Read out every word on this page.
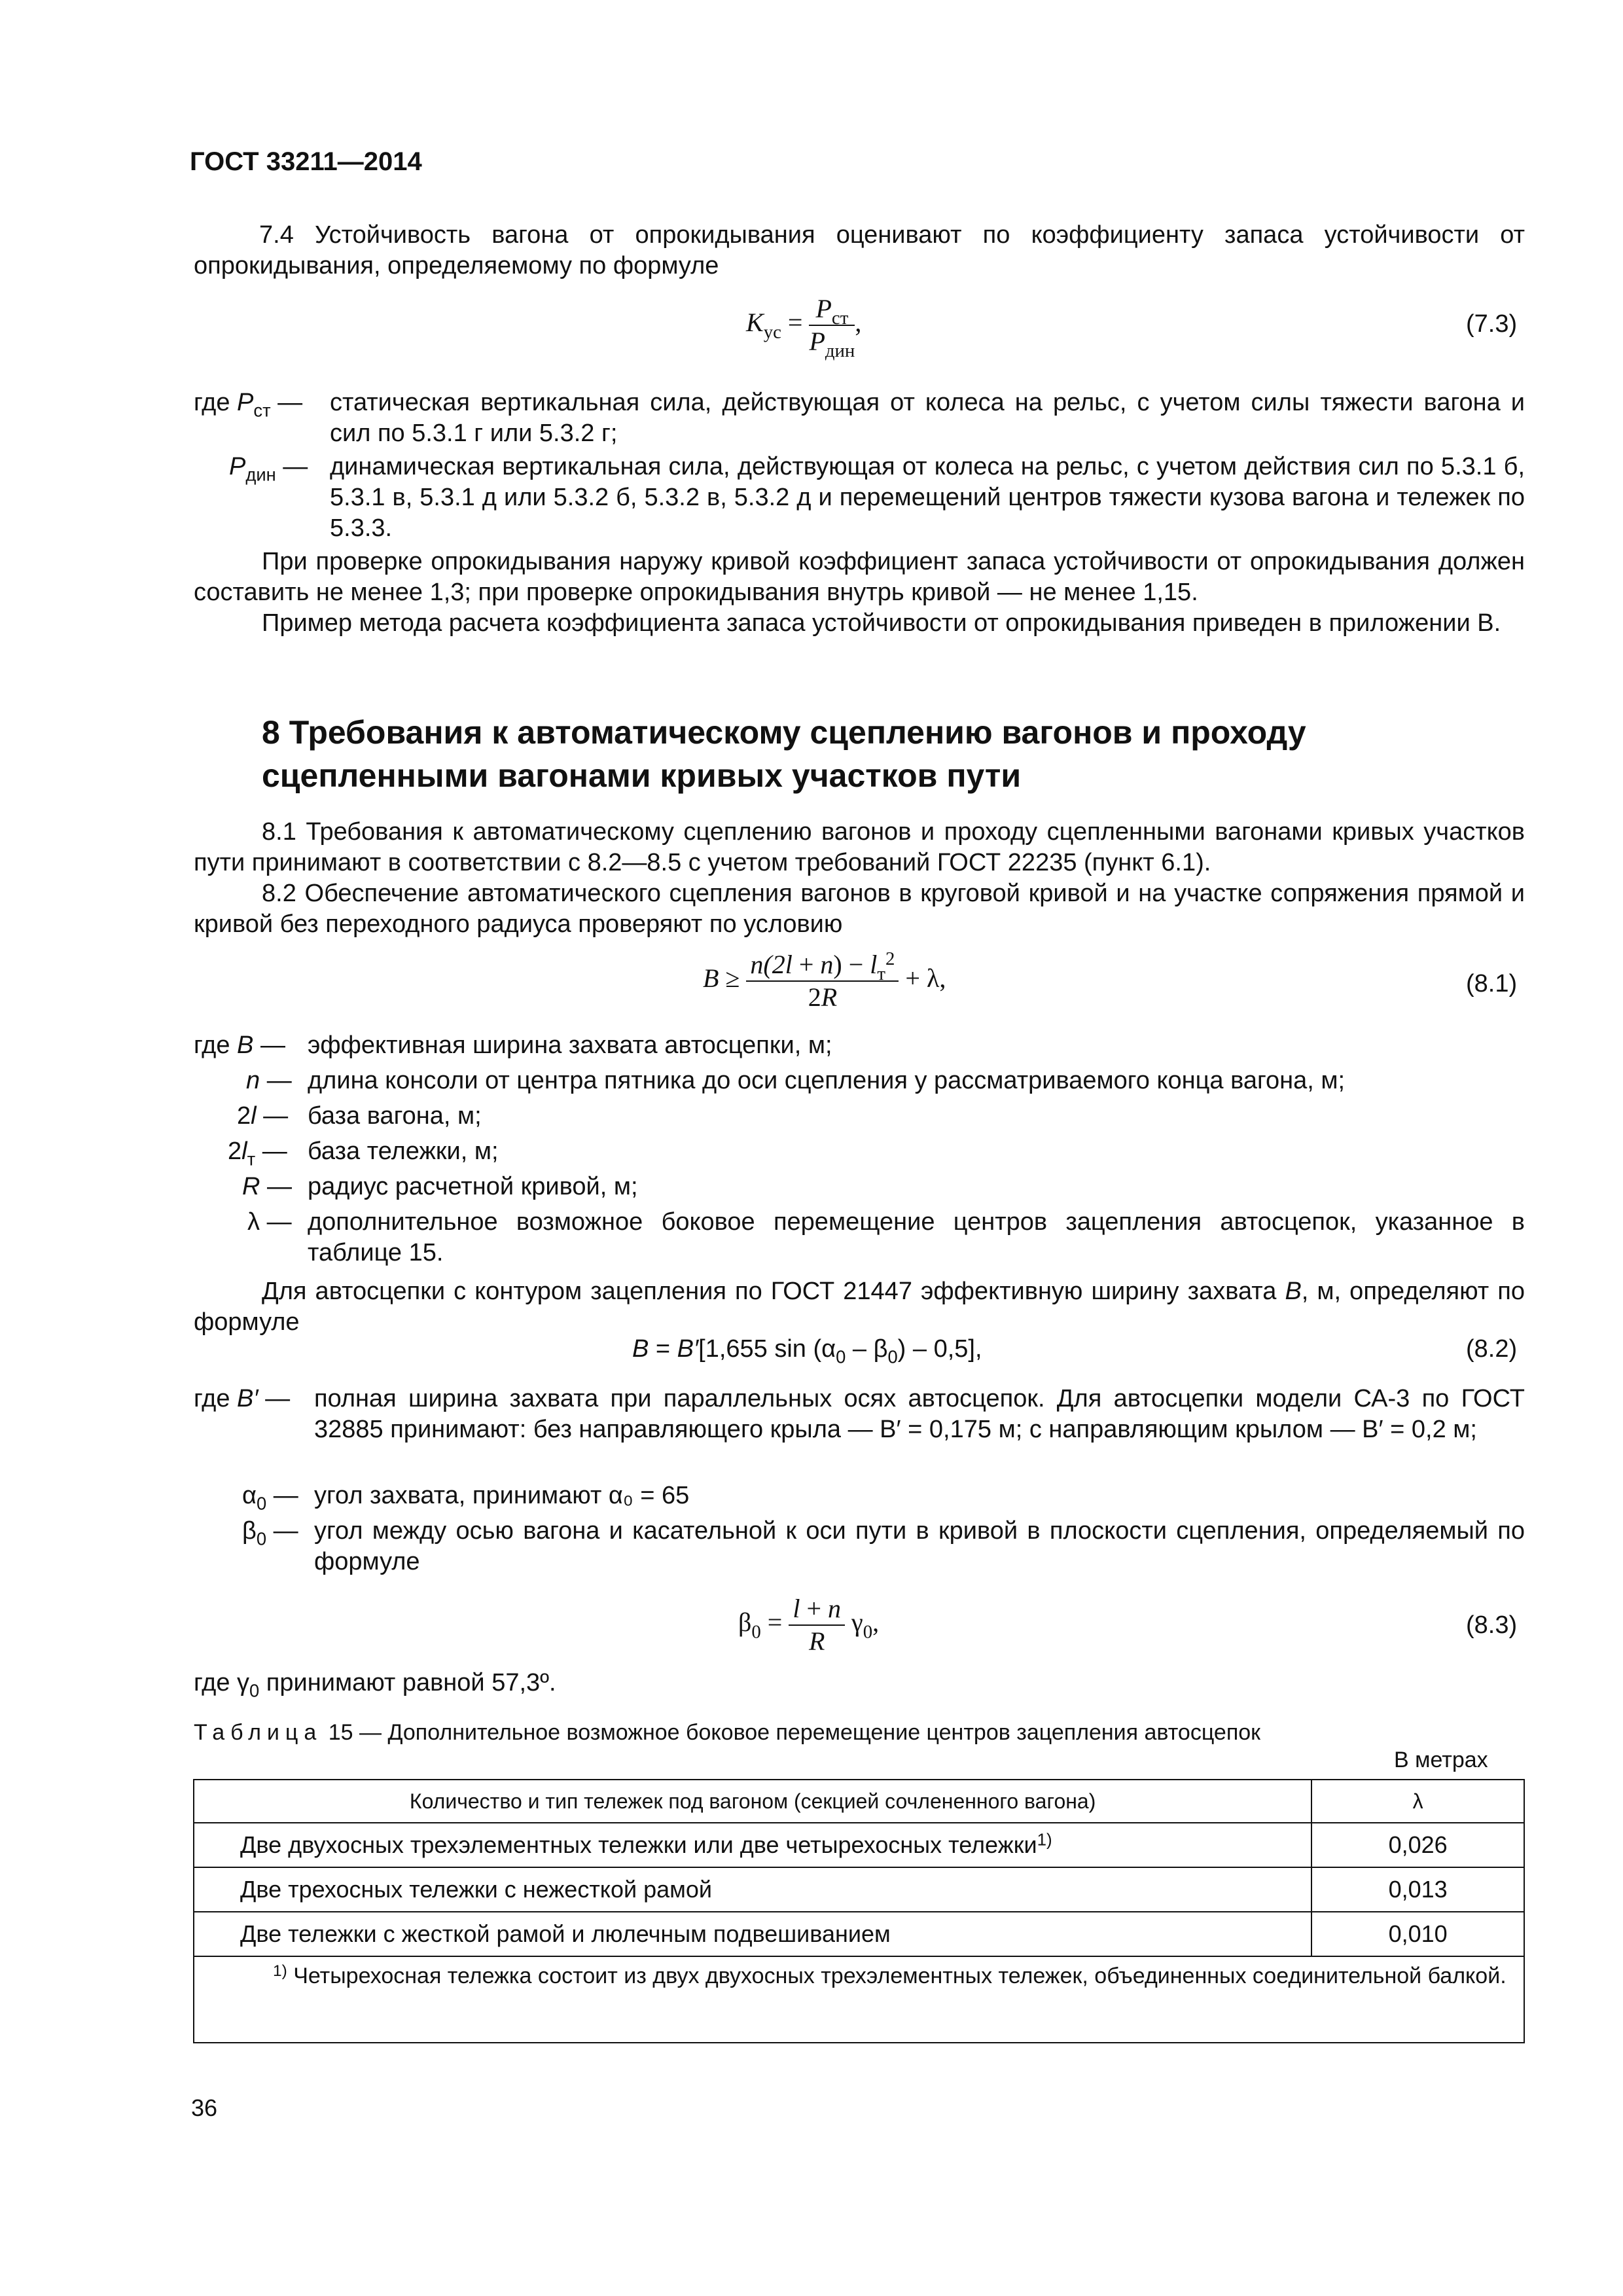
ГОСТ 33211—2014
7.4 Устойчивость вагона от опрокидывания оценивают по коэффициенту запаса устойчивости от опрокидывания, определяемому по формуле
$K_{ус} = \frac{P_{ст}}{P_{дин}}$ ,	(7.3)
где $P_{ст}$ — статическая вертикальная сила, действующая от колеса на рельс, с учетом силы тяжести вагона и сил по 5.3.1 г или 5.3.2 г;
$P_{дин}$ — динамическая вертикальная сила, действующая от колеса на рельс, с учетом действия сил по 5.3.1 б, 5.3.1 в, 5.3.1 д или 5.3.2 б, 5.3.2 в, 5.3.2 д и перемещений центров тяжести кузова вагона и тележек по 5.3.3.
При проверке опрокидывания наружу кривой коэффициент запаса устойчивости от опрокидывания должен составить не менее 1,3; при проверке опрокидывания внутрь кривой — не менее 1,15.
Пример метода расчета коэффициента запаса устойчивости от опрокидывания приведен в приложении В.
8 Требования к автоматическому сцеплению вагонов и проходу
сцепленными вагонами кривых участков пути
8.1 Требования к автоматическому сцеплению вагонов и проходу сцепленными вагонами кривых участков пути принимают в соответствии с 8.2—8.5 с учетом требований ГОСТ 22235 (пункт 6.1).
8.2 Обеспечение автоматического сцепления вагонов в круговой кривой и на участке сопряжения прямой и кривой без переходного радиуса проверяют по условию
$B \ge \frac{n(2l + n) - l_т^2}{2R} + \lambda$,	(8.1)
где B — эффективная ширина захвата автосцепки, м;
n — длина консоли от центра пятника до оси сцепления у рассматриваемого конца вагона, м;
2l — база вагона, м;
$2l_т$ — база тележки, м;
R — радиус расчетной кривой, м;
λ — дополнительное возможное боковое перемещение центров зацепления автосцепок, указанное в таблице 15.
Для автосцепки с контуром зацепления по ГОСТ 21447 эффективную ширину захвата B, м, определяют по формуле
B = B′[1,655 $\sin (\alpha_0 - \beta_0) - 0,5$],	(8.2)
где B′ — полная ширина захвата при параллельных осях автосцепок. Для автосцепки модели СА-3 по ГОСТ 32885 принимают: без направляющего крыла — B′ = 0,175 м; с направляющим крылом — B′ = 0,2 м;
$\alpha_0$ — угол захвата, принимают α₀ = 65
$\beta_0$ — угол между осью вагона и касательной к оси пути в кривой в плоскости сцепления, определяемый по формуле
$\beta_0 = \frac{l + n}{R} \gamma_0$,	(8.3)
где $\gamma_0$ принимают равной 57,3º.
Таблица 15 — Дополнительное возможное боковое перемещение центров зацепления автосцепок
В метрах
Количество и тип тележек под вагоном (секцией сочлененного вагона)	λ
Две двухосных трехэлементных тележки или две четырехосных тележки$^{1)}$	0,026
Две трехосных тележки с нежесткой рамой	0,013
Две тележки с жесткой рамой и люлечным подвешиванием	0,010
$^{1)}$ Четырехосная тележка состоит из двух двухосных трехэлементных тележек, объединенных соединительной балкой.	
36
